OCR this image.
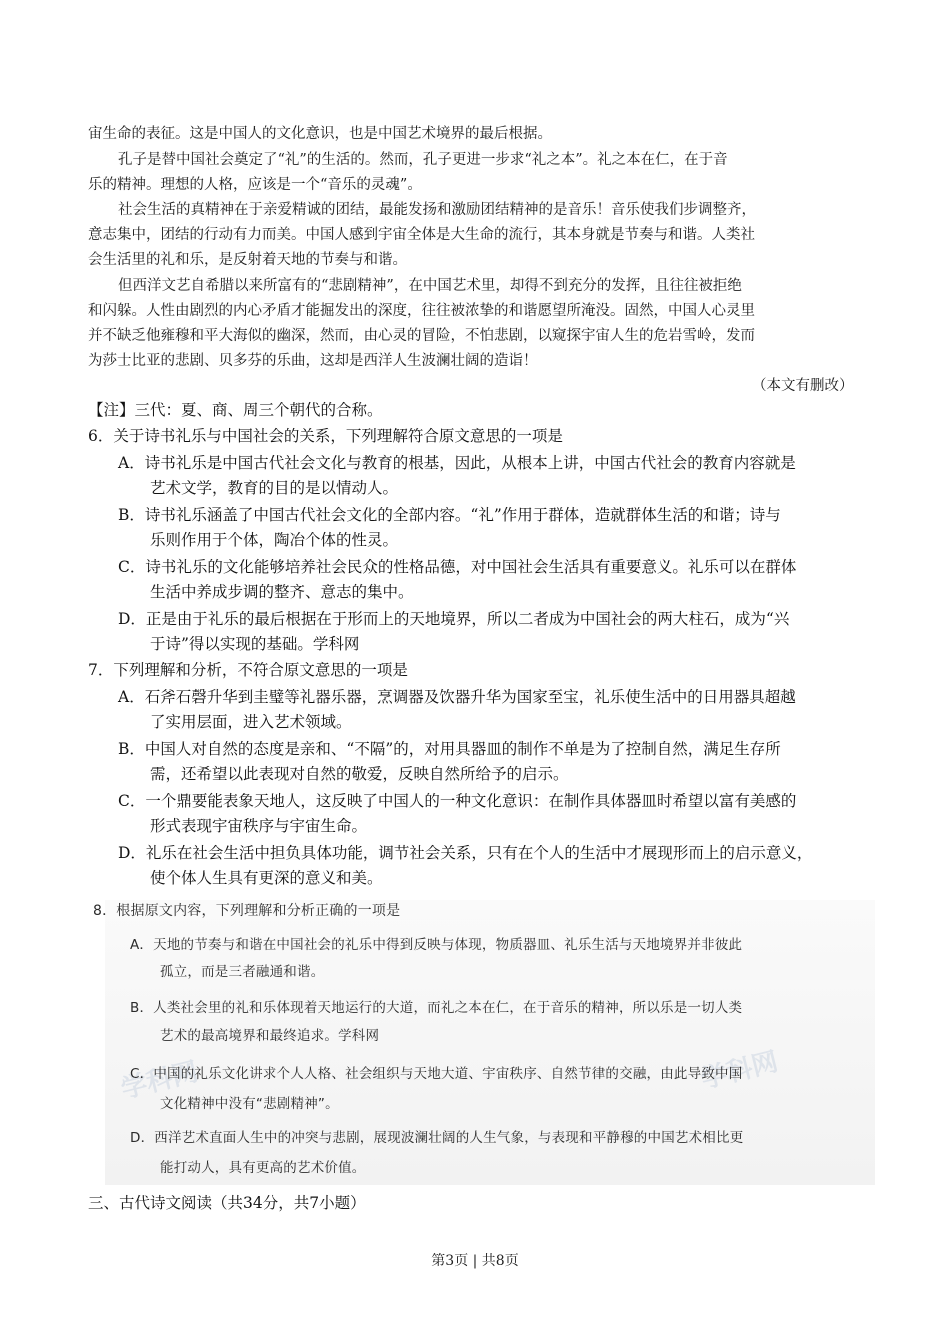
宙生命的表征。这是中国人的文化意识，也是中国艺术境界的最后根据。
孔子是替中国社会奠定了“礼”的生活的。然而，孔子更进一步求“礼之本”。礼之本在仁，在于音
乐的精神。理想的人格，应该是一个“音乐的灵魂”。
社会生活的真精神在于亲爱精诚的团结，最能发扬和激励团结精神的是音乐！音乐使我们步调整齐，
意志集中，团结的行动有力而美。中国人感到宇宙全体是大生命的流行，其本身就是节奏与和谐。人类社
会生活里的礼和乐，是反射着天地的节奏与和谐。
但西洋文艺自希腊以来所富有的“悲剧精神”，在中国艺术里，却得不到充分的发挥，且往往被拒绝
和闪躲。人性由剧烈的内心矛盾才能掘发出的深度，往往被浓挚的和谐愿望所淹没。固然，中国人心灵里
并不缺乏他雍穆和平大海似的幽深，然而，由心灵的冒险，不怕悲剧，以窥探宇宙人生的危岩雪岭，发而
为莎士比亚的悲剧、贝多芬的乐曲，这却是西洋人生波澜壮阔的造诣！
（本文有删改）
【注】三代：夏、商、周三个朝代的合称。
6．关于诗书礼乐与中国社会的关系，下列理解符合原文意思的一项是
A．诗书礼乐是中国古代社会文化与教育的根基，因此，从根本上讲，中国古代社会的教育内容就是
艺术文学，教育的目的是以情动人。
B．诗书礼乐涵盖了中国古代社会文化的全部内容。“礼”作用于群体，造就群体生活的和谐；诗与
乐则作用于个体，陶冶个体的性灵。
C．诗书礼乐的文化能够培养社会民众的性格品德，对中国社会生活具有重要意义。礼乐可以在群体
生活中养成步调的整齐、意志的集中。
D．正是由于礼乐的最后根据在于形而上的天地境界，所以二者成为中国社会的两大柱石，成为“兴
于诗”得以实现的基础。学科网
7．下列理解和分析，不符合原文意思的一项是
A．石斧石磬升华到圭璧等礼器乐器，烹调器及饮器升华为国家至宝，礼乐使生活中的日用器具超越
了实用层面，进入艺术领域。
B．中国人对自然的态度是亲和、“不隔”的，对用具器皿的制作不单是为了控制自然，满足生存所
需，还希望以此表现对自然的敬爱，反映自然所给予的启示。
C．一个鼎要能表象天地人，这反映了中国人的一种文化意识：在制作具体器皿时希望以富有美感的
形式表现宇宙秩序与宇宙生命。
D．礼乐在社会生活中担负具体功能，调节社会关系，只有在个人的生活中才展现形而上的启示意义，
使个体人生具有更深的意义和美。
学科网	学科网
8．根据原文内容，下列理解和分析正确的一项是
A．天地的节奏与和谐在中国社会的礼乐中得到反映与体现，物质器皿、礼乐生活与天地境界并非彼此
孤立，而是三者融通和谐。
B．人类社会里的礼和乐体现着天地运行的大道，而礼之本在仁，在于音乐的精神，所以乐是一切人类
艺术的最高境界和最终追求。学科网
C．中国的礼乐文化讲求个人人格、社会组织与天地大道、宇宙秩序、自然节律的交融，由此导致中国
文化精神中没有“悲剧精神”。
D．西洋艺术直面人生中的冲突与悲剧，展现波澜壮阔的人生气象，与表现和平静穆的中国艺术相比更
能打动人，具有更高的艺术价值。
三、古代诗文阅读（共34分，共7小题）
第3页 | 共8页
